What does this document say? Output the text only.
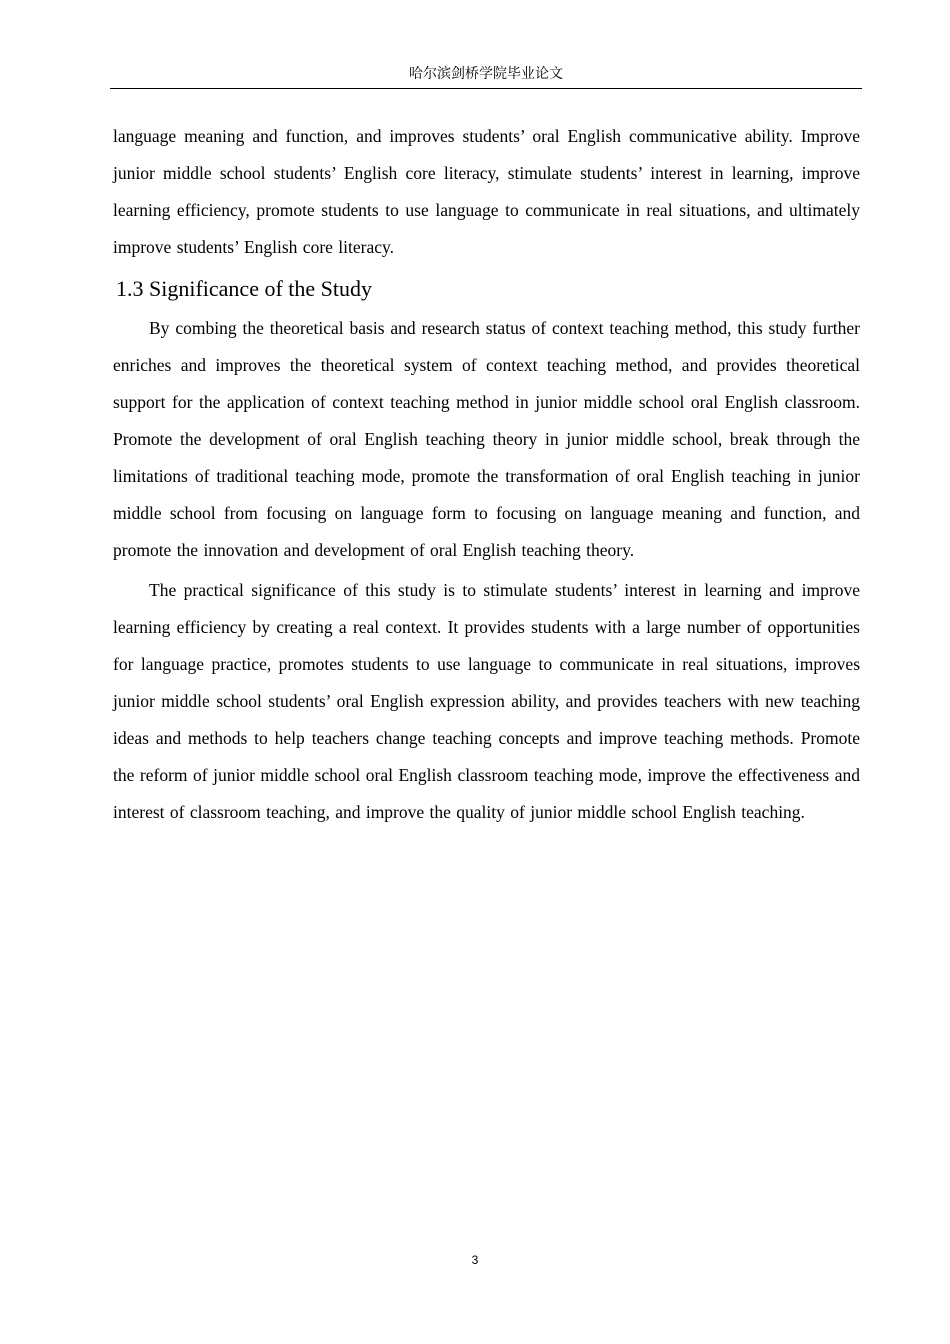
哈尔滨剑桥学院毕业论文

language meaning and function, and improves students’ oral English communicative ability. Improve junior middle school students’ English core literacy, stimulate students’ interest in learning, improve learning efficiency, promote students to use language to communicate in real situations, and ultimately improve students’ English core literacy.

1.3 Significance of the Study

By combing the theoretical basis and research status of context teaching method, this study further enriches and improves the theoretical system of context teaching method, and provides theoretical support for the application of context teaching method in junior middle school oral English classroom. Promote the development of oral English teaching theory in junior middle school, break through the limitations of traditional teaching mode, promote the transformation of oral English teaching in junior middle school from focusing on language form to focusing on language meaning and function, and promote the innovation and development of oral English teaching theory.

The practical significance of this study is to stimulate students’ interest in learning and improve learning efficiency by creating a real context. It provides students with a large number of opportunities for language practice, promotes students to use language to communicate in real situations, improves junior middle school students’ oral English expression ability, and provides teachers with new teaching ideas and methods to help teachers change teaching concepts and improve teaching methods. Promote the reform of junior middle school oral English classroom teaching mode, improve the effectiveness and interest of classroom teaching, and improve the quality of junior middle school English teaching.

3
